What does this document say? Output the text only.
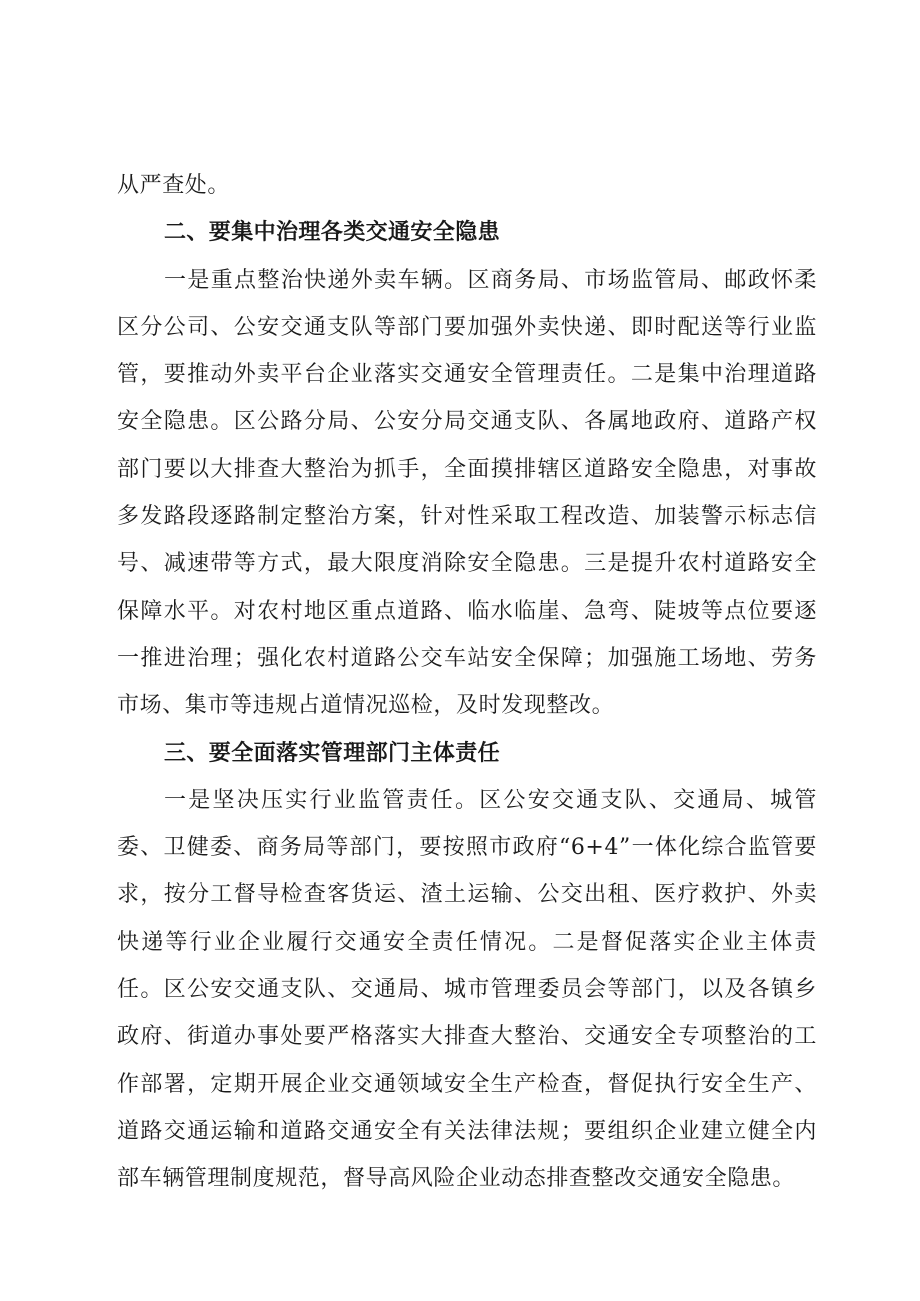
从严查处。

二、要集中治理各类交通安全隐患

一是重点整治快递外卖车辆。区商务局、市场监管局、邮政怀柔区分公司、公安交通支队等部门要加强外卖快递、即时配送等行业监管，要推动外卖平台企业落实交通安全管理责任。二是集中治理道路安全隐患。区公路分局、公安分局交通支队、各属地政府、道路产权部门要以大排查大整治为抓手，全面摸排辖区道路安全隐患，对事故多发路段逐路制定整治方案，针对性采取工程改造、加装警示标志信号、减速带等方式，最大限度消除安全隐患。三是提升农村道路安全保障水平。对农村地区重点道路、临水临崖、急弯、陡坡等点位要逐一推进治理；强化农村道路公交车站安全保障；加强施工场地、劳务市场、集市等违规占道情况巡检，及时发现整改。

三、要全面落实管理部门主体责任

一是坚决压实行业监管责任。区公安交通支队、交通局、城管委、卫健委、商务局等部门，要按照市政府“6+4”一体化综合监管要求，按分工督导检查客货运、渣土运输、公交出租、医疗救护、外卖快递等行业企业履行交通安全责任情况。二是督促落实企业主体责任。区公安交通支队、交通局、城市管理委员会等部门，以及各镇乡政府、街道办事处要严格落实大排查大整治、交通安全专项整治的工作部署，定期开展企业交通领域安全生产检查，督促执行安全生产、道路交通运输和道路交通安全有关法律法规；要组织企业建立健全内部车辆管理制度规范，督导高风险企业动态排查整改交通安全隐患。
